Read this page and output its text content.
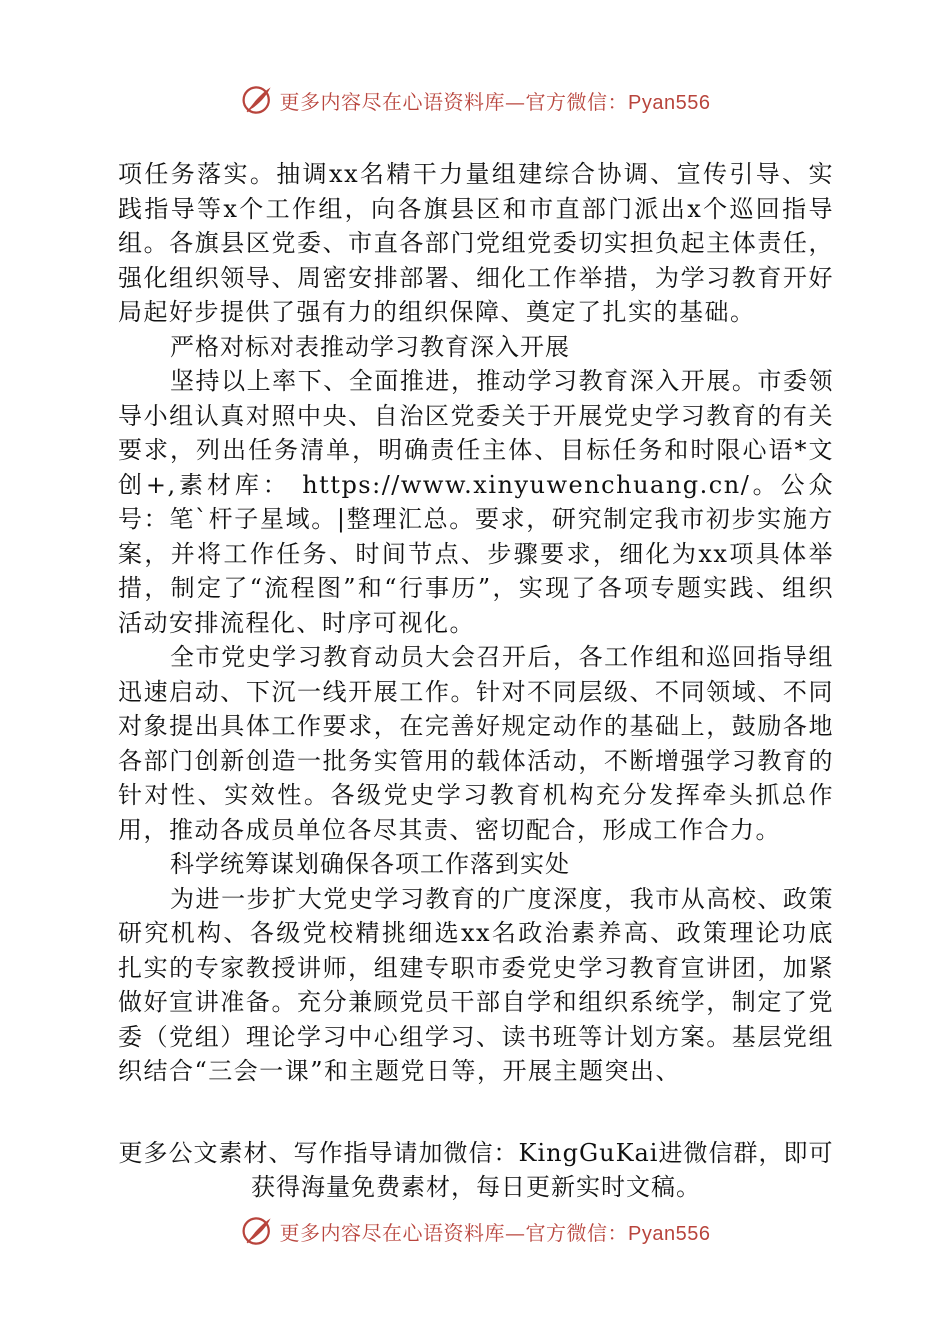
更多内容尽在心语资料库—官方微信：Pyan556

项任务落实。抽调xx名精干力量组建综合协调、宣传引导、实践指导等x个工作组，向各旗县区和市直部门派出x个巡回指导组。各旗县区党委、市直各部门党组党委切实担负起主体责任，强化组织领导、周密安排部署、细化工作举措，为学习教育开好局起好步提供了强有力的组织保障、奠定了扎实的基础。

严格对标对表推动学习教育深入开展

坚持以上率下、全面推进，推动学习教育深入开展。市委领导小组认真对照中央、自治区党委关于开展党史学习教育的有关要求，列出任务清单，明确责任主体、目标任务和时限心语*文创+,素材库： https://www.xinyuwenchuang.cn/。公众号：笔`杆子星域。|整理汇总。要求，研究制定我市初步实施方案，并将工作任务、时间节点、步骤要求，细化为xx项具体举措，制定了“流程图”和“行事历”，实现了各项专题实践、组织活动安排流程化、时序可视化。

全市党史学习教育动员大会召开后，各工作组和巡回指导组迅速启动、下沉一线开展工作。针对不同层级、不同领域、不同对象提出具体工作要求，在完善好规定动作的基础上，鼓励各地各部门创新创造一批务实管用的载体活动，不断增强学习教育的针对性、实效性。各级党史学习教育机构充分发挥牵头抓总作用，推动各成员单位各尽其责、密切配合，形成工作合力。

科学统筹谋划确保各项工作落到实处

为进一步扩大党史学习教育的广度深度，我市从高校、政策研究机构、各级党校精挑细选xx名政治素养高、政策理论功底扎实的专家教授讲师，组建专职市委党史学习教育宣讲团，加紧做好宣讲准备。充分兼顾党员干部自学和组织系统学，制定了党委（党组）理论学习中心组学习、读书班等计划方案。基层党组织结合“三会一课”和主题党日等，开展主题突出、

更多公文素材、写作指导请加微信：KingGuKai进微信群，即可
获得海量免费素材，每日更新实时文稿。
更多内容尽在心语资料库—官方微信：Pyan556
